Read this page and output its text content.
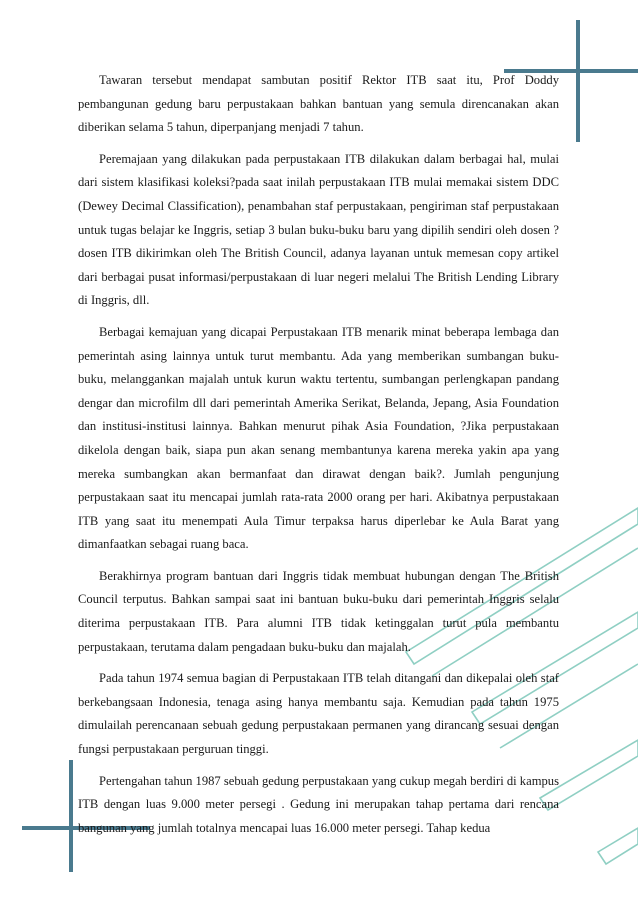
Tawaran tersebut mendapat sambutan positif Rektor ITB saat itu, Prof Doddy pembangunan gedung baru perpustakaan bahkan bantuan yang semula direncanakan akan diberikan selama 5 tahun, diperpanjang menjadi 7 tahun.

Peremajaan yang dilakukan pada perpustakaan ITB dilakukan dalam berbagai hal, mulai dari sistem klasifikasi koleksi?pada saat inilah perpustakaan ITB mulai memakai sistem DDC (Dewey Decimal Classification), penambahan staf perpustakaan, pengiriman staf perpustakaan untuk tugas belajar ke Inggris, setiap 3 bulan buku-buku baru yang dipilih sendiri oleh dosen ? dosen ITB dikirimkan oleh The British Council, adanya layanan untuk memesan copy artikel dari berbagai pusat informasi/perpustakaan di luar negeri melalui The British Lending Library di Inggris, dll.

Berbagai kemajuan yang dicapai Perpustakaan ITB menarik minat beberapa lembaga dan pemerintah asing lainnya untuk turut membantu. Ada yang memberikan sumbangan buku-buku, melanggankan majalah untuk kurun waktu tertentu, sumbangan perlengkapan pandang dengar dan microfilm dll dari pemerintah Amerika Serikat, Belanda, Jepang, Asia Foundation dan institusi-institusi lainnya. Bahkan menurut pihak Asia Foundation, ?Jika perpustakaan dikelola dengan baik, siapa pun akan senang membantunya karena mereka yakin apa yang mereka sumbangkan akan bermanfaat dan dirawat dengan baik?. Jumlah pengunjung perpustakaan saat itu mencapai jumlah rata-rata 2000 orang per hari. Akibatnya perpustakaan ITB yang saat itu menempati Aula Timur terpaksa harus diperlebar ke Aula Barat yang dimanfaatkan sebagai ruang baca.

Berakhirnya program bantuan dari Inggris tidak membuat hubungan dengan The British Council terputus. Bahkan sampai saat ini bantuan buku-buku dari pemerintah Inggris selalu diterima perpustakaan ITB. Para alumni ITB tidak ketinggalan turut pula membantu perpustakaan, terutama dalam pengadaan buku-buku dan majalah.

Pada tahun 1974 semua bagian di Perpustakaan ITB telah ditangani dan dikepalai oleh staf berkebangsaan Indonesia, tenaga asing hanya membantu saja. Kemudian pada tahun 1975 dimulailah perencanaan sebuah gedung perpustakaan permanen yang dirancang sesuai dengan fungsi perpustakaan perguruan tinggi.

Pertengahan tahun 1987 sebuah gedung perpustakaan yang cukup megah berdiri di kampus ITB dengan luas 9.000 meter persegi . Gedung ini merupakan tahap pertama dari rencana bangunan yang jumlah totalnya mencapai luas 16.000 meter persegi. Tahap kedua
